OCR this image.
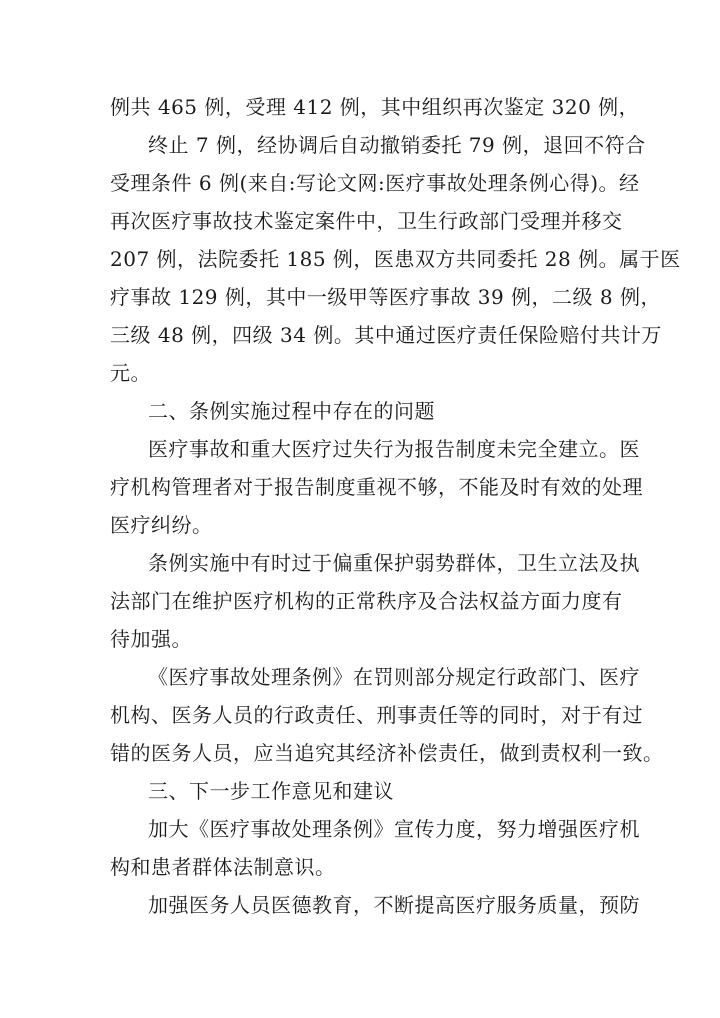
例共 465 例，受理 412 例，其中组织再次鉴定 320 例，
终止 7 例，经协调后自动撤销委托 79 例，退回不符合
受理条件 6 例(来自:写论文网:医疗事故处理条例心得)。经
再次医疗事故技术鉴定案件中，卫生行政部门受理并移交
207 例，法院委托 185 例，医患双方共同委托 28 例。属于医
疗事故 129 例，其中一级甲等医疗事故 39 例，二级 8 例，
三级 48 例，四级 34 例。其中通过医疗责任保险赔付共计万
元。
二、条例实施过程中存在的问题
医疗事故和重大医疗过失行为报告制度未完全建立。医
疗机构管理者对于报告制度重视不够，不能及时有效的处理
医疗纠纷。
条例实施中有时过于偏重保护弱势群体，卫生立法及执
法部门在维护医疗机构的正常秩序及合法权益方面力度有
待加强。
《医疗事故处理条例》在罚则部分规定行政部门、医疗
机构、医务人员的行政责任、刑事责任等的同时，对于有过
错的医务人员，应当追究其经济补偿责任，做到责权利一致。
三、下一步工作意见和建议
加大《医疗事故处理条例》宣传力度，努力增强医疗机
构和患者群体法制意识。
加强医务人员医德教育，不断提高医疗服务质量，预防
